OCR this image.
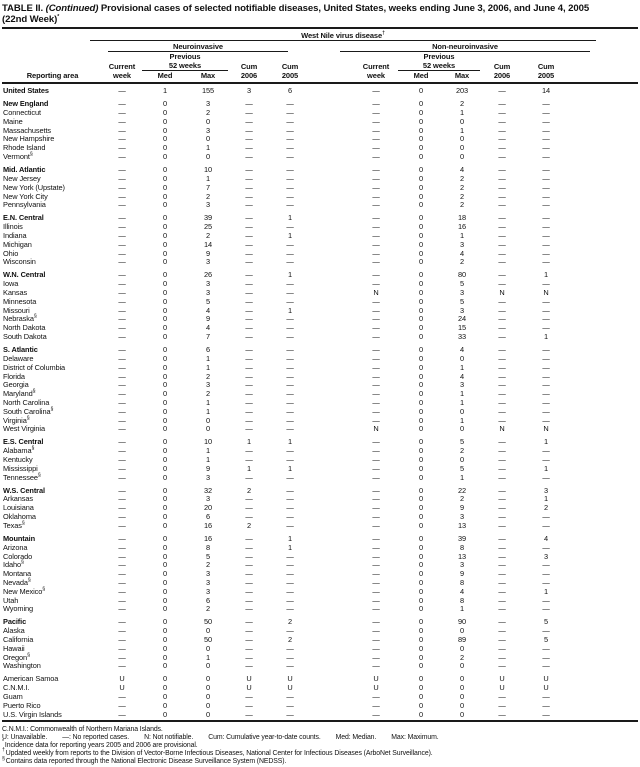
TABLE II. (Continued) Provisional cases of selected notifiable diseases, United States, weeks ending June 3, 2006, and June 4, 2005
(22nd Week)*
West Nile virus disease†
Neuroinvasive	Non-neuroinvasive
Previous	Previous
Current	52 weeks	Cum	Cum	Current	52 weeks	Cum	Cum
Reporting area	week	Med	Max	2006	2005	week	Med	Max	2006	2005
United States	—	1	155	3	6	—	0	203	—	14
New England	—	0	3	—	—	—	0	2	—	—
Connecticut	—	0	2	—	—	—	0	1	—	—
Maine	—	0	0	—	—	—	0	0	—	—
Massachusetts	—	0	3	—	—	—	0	1	—	—
New Hampshire	—	0	0	—	—	—	0	0	—	—
Rhode Island	—	0	1	—	—	—	0	0	—	—
Vermont§	—	0	0	—	—	—	0	0	—	—
Mid. Atlantic	—	0	10	—	—	—	0	4	—	—
New Jersey	—	0	1	—	—	—	0	2	—	—
New York (Upstate)	—	0	7	—	—	—	0	2	—	—
New York City	—	0	2	—	—	—	0	2	—	—
Pennsylvania	—	0	3	—	—	—	0	2	—	—
E.N. Central	—	0	39	—	1	—	0	18	—	—
Illinois	—	0	25	—	—	—	0	16	—	—
Indiana	—	0	2	—	1	—	0	1	—	—
Michigan	—	0	14	—	—	—	0	3	—	—
Ohio	—	0	9	—	—	—	0	4	—	—
Wisconsin	—	0	3	—	—	—	0	2	—	—
W.N. Central	—	0	26	—	1	—	0	80	—	1
Iowa	—	0	3	—	—	—	0	5	—	—
Kansas	—	0	3	—	—	N	0	3	N	N
Minnesota	—	0	5	—	—	—	0	5	—	—
Missouri	—	0	4	—	1	—	0	3	—	—
Nebraska§	—	0	9	—	—	—	0	24	—	—
North Dakota	—	0	4	—	—	—	0	15	—	—
South Dakota	—	0	7	—	—	—	0	33	—	1
S. Atlantic	—	0	6	—	—	—	0	4	—	—
Delaware	—	0	1	—	—	—	0	0	—	—
District of Columbia	—	0	1	—	—	—	0	1	—	—
Florida	—	0	2	—	—	—	0	4	—	—
Georgia	—	0	3	—	—	—	0	3	—	—
Maryland§	—	0	2	—	—	—	0	1	—	—
North Carolina	—	0	1	—	—	—	0	1	—	—
South Carolina§	—	0	1	—	—	—	0	0	—	—
Virginia§	—	0	0	—	—	—	0	1	—	—
West Virginia	—	0	0	—	—	N	0	0	N	N
E.S. Central	—	0	10	1	1	—	0	5	—	1
Alabama§	—	0	1	—	—	—	0	2	—	—
Kentucky	—	0	1	—	—	—	0	0	—	—
Mississippi	—	0	9	1	1	—	0	5	—	1
Tennessee§	—	0	3	—	—	—	0	1	—	—
W.S. Central	—	0	32	2	—	—	0	22	—	3
Arkansas	—	0	3	—	—	—	0	2	—	1
Louisiana	—	0	20	—	—	—	0	9	—	2
Oklahoma	—	0	6	—	—	—	0	3	—	—
Texas§	—	0	16	2	—	—	0	13	—	—
Mountain	—	0	16	—	1	—	0	39	—	4
Arizona	—	0	8	—	1	—	0	8	—	—
Colorado	—	0	5	—	—	—	0	13	—	3
Idaho§	—	0	2	—	—	—	0	3	—	—
Montana	—	0	3	—	—	—	0	9	—	—
Nevada§	—	0	3	—	—	—	0	8	—	—
New Mexico§	—	0	3	—	—	—	0	4	—	1
Utah	—	0	6	—	—	—	0	8	—	—
Wyoming	—	0	2	—	—	—	0	1	—	—
Pacific	—	0	50	—	2	—	0	90	—	5
Alaska	—	0	0	—	—	—	0	0	—	—
California	—	0	50	—	2	—	0	89	—	5
Hawaii	—	0	0	—	—	—	0	0	—	—
Oregon§	—	0	1	—	—	—	0	2	—	—
Washington	—	0	0	—	—	—	0	0	—	—
American Samoa	U	0	0	U	U	U	0	0	U	U
C.N.M.I.	U	0	0	U	U	U	0	0	U	U
Guam	—	0	0	—	—	—	0	0	—	—
Puerto Rico	—	0	0	—	—	—	0	0	—	—
U.S. Virgin Islands	—	0	0	—	—	—	0	0	—	—
C.N.M.I.: Commonwealth of Northern Mariana Islands.
U: Unavailable. —: No reported cases. N: Not notifiable. Cum: Cumulative year-to-date counts. Med: Median. Max: Maximum.
*Incidence data for reporting years 2005 and 2006 are provisional.
†Updated weekly from reports to the Division of Vector-Borne Infectious Diseases, National Center for Infectious Diseases (ArboNet Surveillance).
§Contains data reported through the National Electronic Disease Surveillance System (NEDSS).
